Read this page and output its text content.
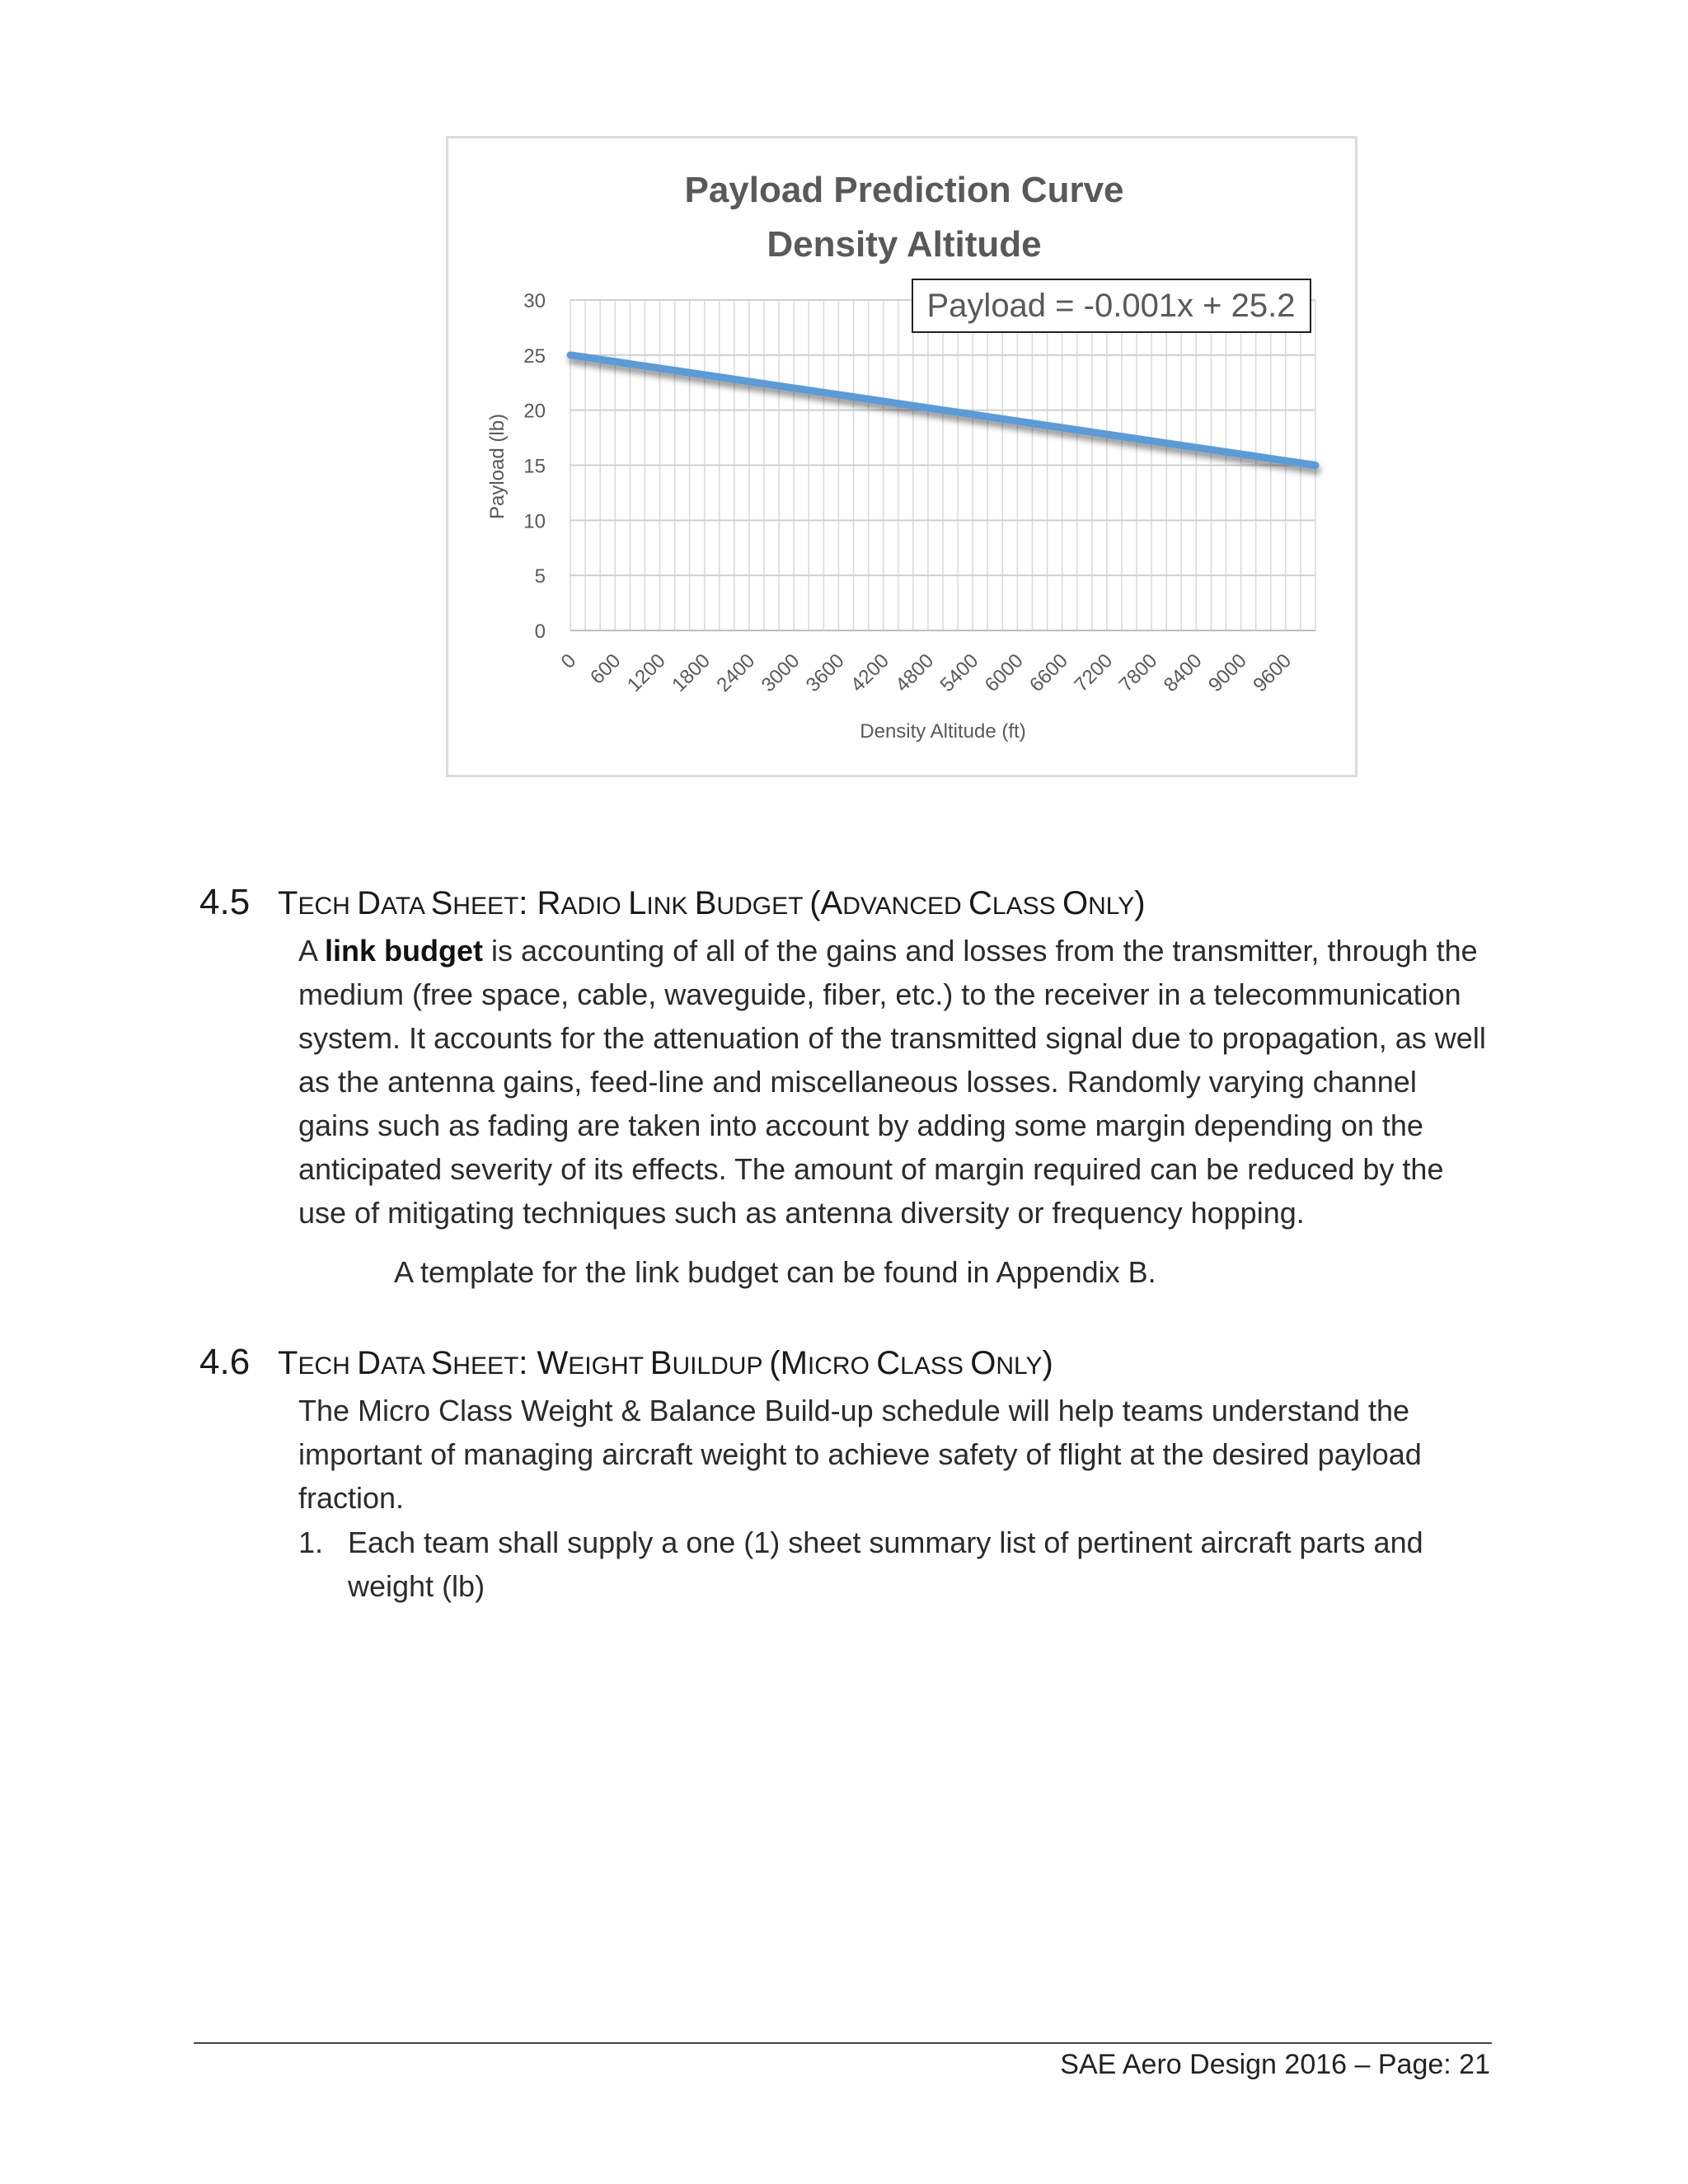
0
5
10
15
20
25
30
0 600
1200
1800
2400
3000
3600
4200
4800
5400
6000
6600
7200
7800
8400
9000
9600
Payload Prediction Curve
Density Altitude
Payload (lb)
Density Altitude (ft)
Payload = -0.001x + 25.2
4.5 TECH DATA SHEET: RADIO LINK BUDGET (ADVANCED CLASS ONLY)
A link budget is accounting of all of the gains and losses from the transmitter, through the medium (free space, cable, waveguide, fiber, etc.) to the receiver in a telecommunication system. It accounts for the attenuation of the transmitted signal due to propagation, as well as the antenna gains, feed-line and miscellaneous losses. Randomly varying channel gains such as fading are taken into account by adding some margin depending on the anticipated severity of its effects. The amount of margin required can be reduced by the use of mitigating techniques such as antenna diversity or frequency hopping.
A template for the link budget can be found in Appendix B.
4.6 TECH DATA SHEET: WEIGHT BUILDUP (MICRO CLASS ONLY)
The Micro Class Weight & Balance Build-up schedule will help teams understand the important of managing aircraft weight to achieve safety of flight at the desired payload fraction.
1. Each team shall supply a one (1) sheet summary list of pertinent aircraft parts and weight (lb)
SAE Aero Design 2016 – Page: 21
